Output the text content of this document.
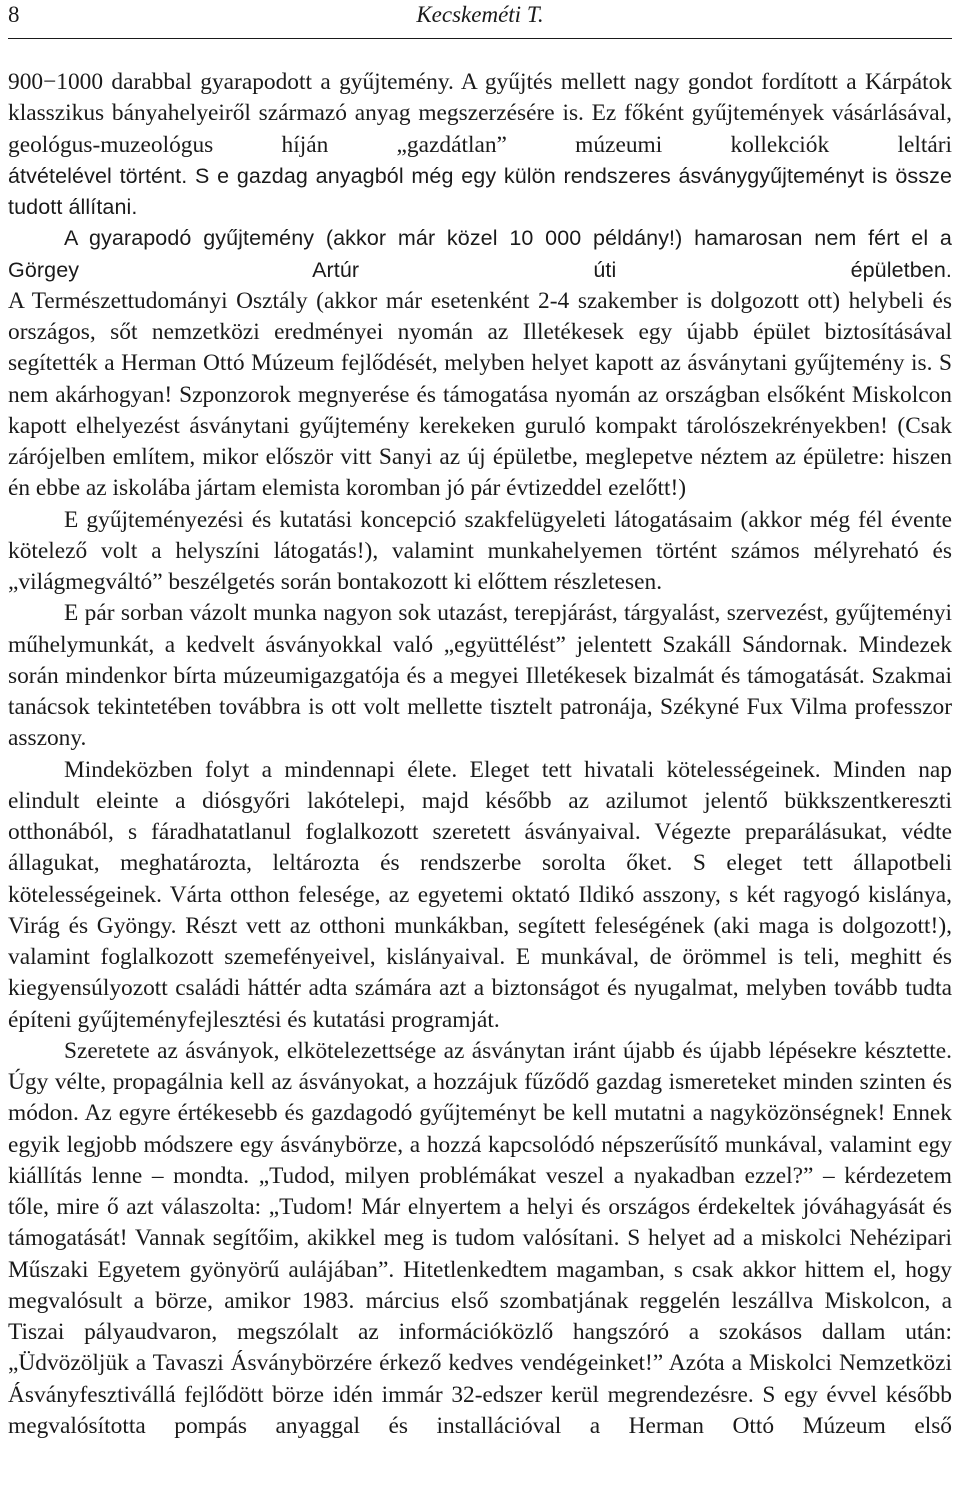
8	Kecskeméti T.

900−1000 darabbal gyarapodott a gyűjtemény. A gyűjtés mellett nagy gondot fordított a Kárpátok klasszikus bányahelyeiről származó anyag megszerzésére is. Ez főként gyűjtemények vásárlásával, geológus-muzeológus híján „gazdátlan” múzeumi kollekciók leltári

átvételével történt. S e gazdag anyagból még egy külön rendszeres ásványgyűjteményt is össze tudott állítani.

A gyarapodó gyűjtemény (akkor már közel 10 000 példány!) hamarosan nem fért el a Görgey Artúr úti épületben.

A Természettudományi Osztály (akkor már esetenként 2-4 szakember is dolgozott ott) helybeli és országos, sőt nemzetközi eredményei nyomán az Illetékesek egy újabb épület biztosításával segítették a Herman Ottó Múzeum fejlődését, melyben helyet kapott az ásványtani gyűjtemény is. S nem akárhogyan! Szponzorok megnyerése és támogatása nyomán az országban elsőként Miskolcon kapott elhelyezést ásványtani gyűjtemény kerekeken guruló kompakt tárolószekrényekben! (Csak zárójelben említem, mikor először vitt Sanyi az új épületbe, meglepetve néztem az épületre: hiszen én ebbe az iskolába jártam elemista koromban jó pár évtizeddel ezelőtt!)

E gyűjteményezési és kutatási koncepció szakfelügyeleti látogatásaim (akkor még fél évente kötelező volt a helyszíni látogatás!), valamint munkahelyemen történt számos mélyreható és „világmegváltó” beszélgetés során bontakozott ki előttem részletesen.

E pár sorban vázolt munka nagyon sok utazást, terepjárást, tárgyalást, szervezést, gyűjteményi műhelymunkát, a kedvelt ásványokkal való „együttélést” jelentett Szakáll Sándornak. Mindezek során mindenkor bírta múzeumigazgatója és a megyei Illetékesek bizalmát és támogatását. Szakmai tanácsok tekintetében továbbra is ott volt mellette tisztelt patronája, Székyné Fux Vilma professzor asszony.

Mindeközben folyt a mindennapi élete. Eleget tett hivatali kötelességeinek. Minden nap elindult eleinte a diósgyőri lakótelepi, majd később az azilumot jelentő bükkszentkereszti otthonából, s fáradhatatlanul foglalkozott szeretett ásványaival. Végezte preparálásukat, védte állagukat, meghatározta, leltározta és rendszerbe sorolta őket. S eleget tett állapotbeli kötelességeinek. Várta otthon felesége, az egyetemi oktató Ildikó asszony, s két ragyogó kislánya, Virág és Gyöngy. Részt vett az otthoni munkákban, segített feleségének (aki maga is dolgozott!), valamint foglalkozott szemefényeivel, kislányaival. E munkával, de örömmel is teli, meghitt és kiegyensúlyozott családi háttér adta számára azt a biztonságot és nyugalmat, melyben tovább tudta építeni gyűjteményfejlesztési és kutatási programját.

Szeretete az ásványok, elkötelezettsége az ásványtan iránt újabb és újabb lépésekre késztette. Úgy vélte, propagálnia kell az ásványokat, a hozzájuk fűződő gazdag ismereteket minden szinten és módon. Az egyre értékesebb és gazdagodó gyűjteményt be kell mutatni a nagyközönségnek! Ennek egyik legjobb módszere egy ásványbörze, a hozzá kapcsolódó népszerűsítő munkával, valamint egy kiállítás lenne – mondta. „Tudod, milyen problémákat veszel a nyakadban ezzel?” – kérdezetem tőle, mire ő azt válaszolta: „Tudom! Már elnyertem a helyi és országos érdekeltek jóváhagyását és támogatását! Vannak segítőim, akikkel meg is tudom valósítani. S helyet ad a miskolci Nehézipari Műszaki Egyetem gyönyörű aulájában”. Hitetlenkedtem magamban, s csak akkor hittem el, hogy megvalósult a börze, amikor 1983. március első szombatjának reggelén leszállva Miskolcon, a Tiszai pályaudvaron, megszólalt az információközlő hangszóró a szokásos dallam után: „Üdvözöljük a Tavaszi Ásványbörzére érkező kedves vendégeinket!” Azóta a Miskolci Nemzetközi Ásványfesztivállá fejlődött börze idén immár 32-edszer kerül megrendezésre. S egy évvel később megvalósította pompás anyaggal és installációval a Herman Ottó Múzeum első
